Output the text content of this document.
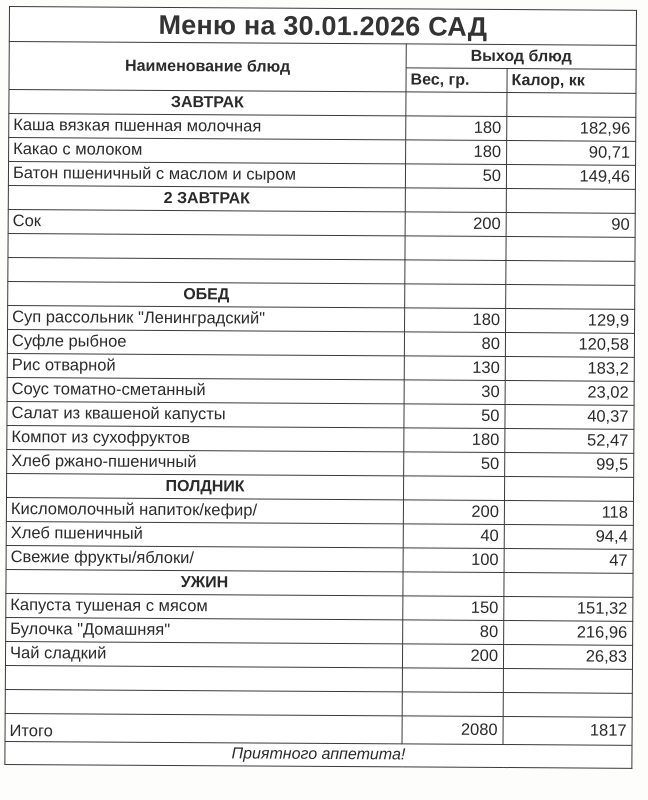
Меню на 30.01.2026 САД		
Наименование блюд	Выход блюд	
	Вес, гр.	Калор, кк
ЗАВТРАК		
Каша вязкая пшенная молочная	180	182,96
Какао с молоком	180	90,71
Батон пшеничный с маслом и сыром	50	149,46
2 ЗАВТРАК		
Сок	200	90

ОБЕД		
Суп рассольник "Ленинградский"	180	129,9
Суфле рыбное	80	120,58
Рис отварной	130	183,2
Соус томатно-сметанный	30	23,02
Салат из квашеной капусты	50	40,37
Компот из сухофруктов	180	52,47
Хлеб ржано-пшеничный	50	99,5
ПОЛДНИК		
Кисломолочный напиток/кефир/	200	118
Хлеб пшеничный	40	94,4
Свежие фрукты/яблоки/	100	47
УЖИН		
Капуста тушеная с мясом	150	151,32
Булочка "Домашняя"	80	216,96
Чай сладкий	200	26,83

Итого	2080	1817
Приятного аппетита!		
